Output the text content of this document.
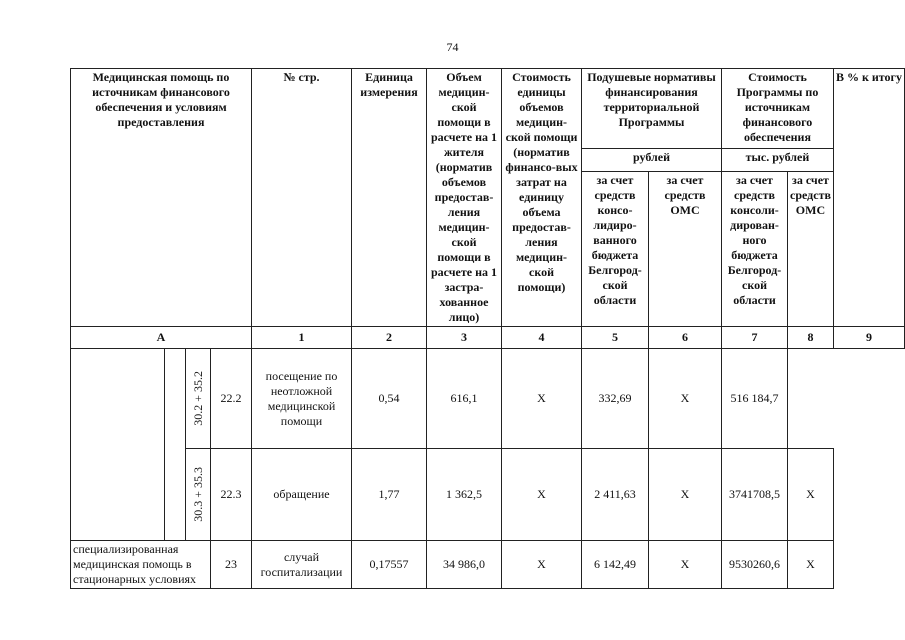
74
Медицинская помощь по источникам финансового обеспечения и условиям предоставления				№ стр.	Единица измерения	Объем медицин-ской помощи в расчете на 1 жителя (норматив объемов предостав-ления медицин-ской помощи в расчете на 1 застра-хованное лицо)	Стоимость единицы объемов медицин-ской помощи (норматив финансо-вых затрат на единицу объема предостав-ления медицин-ской помощи)	Подушевые нормативы финансирования территориальной Программы		Стоимость Программы по источникам финансового обеспечения		В % к итогу
								рублей		тыс. рублей		
								за счет средств консо-лидиро-ванного бюджета Белгород-ской области	за счет средств ОМС	за счет средств консоли-дирован-ного бюджета Белгород-ской области	за счет средств ОМС	
А				1	2	3	4	5	6	7	8	9

		30.2 + 35.2	22.2	посещение по неотложной медицинской помощи	0,54	616,1	X	332,69	X	516 184,7		

		30.3 + 35.3	22.3	обращение	1,77	1 362,5	X	2 411,63	X	3741708,5	X	
специализированная медицинская помощь в стационарных условиях			23	случай госпитализации	0,17557	34 986,0	X	6 142,49	X	9530260,6	X	
